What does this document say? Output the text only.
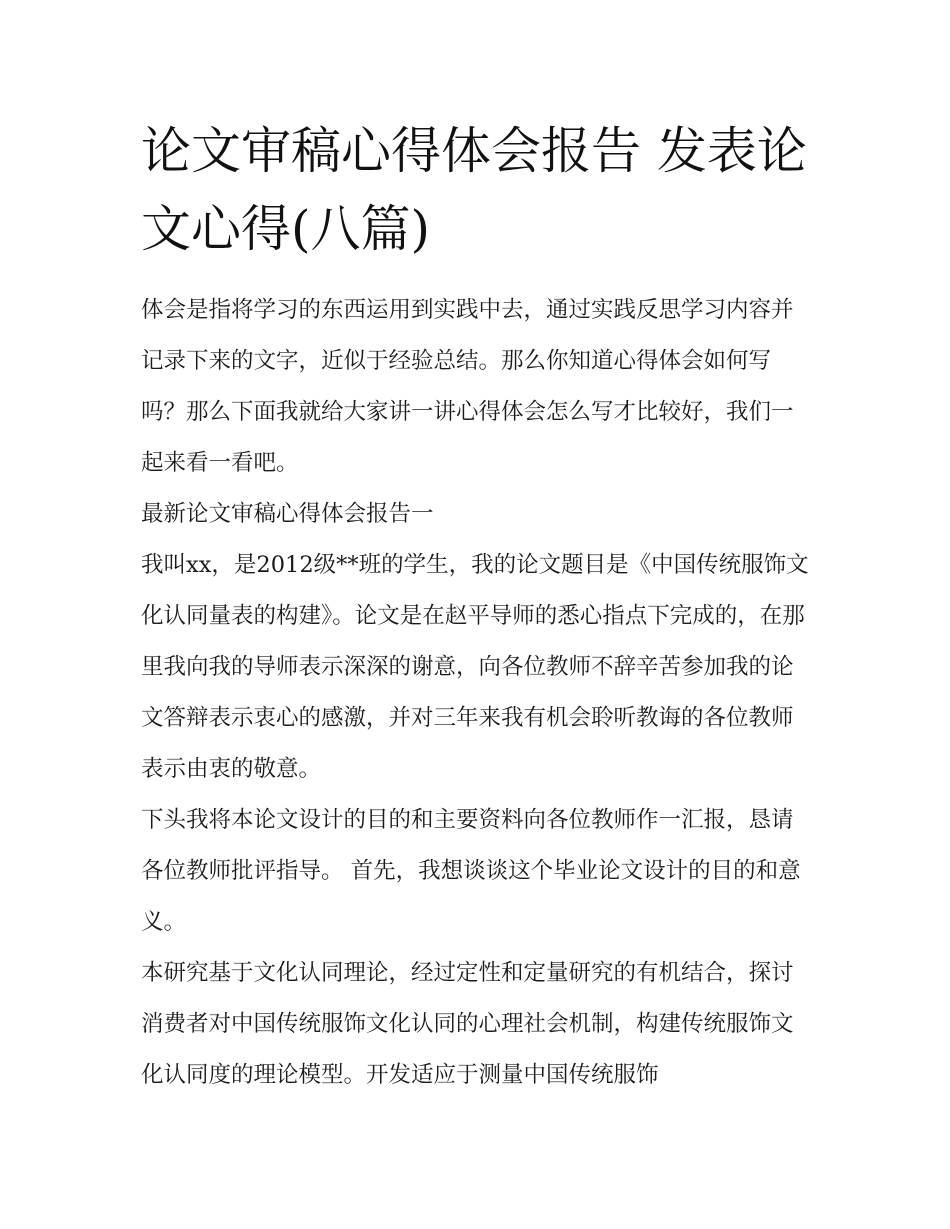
论文审稿心得体会报告 发表论文心得(八篇)

体会是指将学习的东西运用到实践中去，通过实践反思学习内容并记录下来的文字，近似于经验总结。那么你知道心得体会如何写吗？那么下面我就给大家讲一讲心得体会怎么写才比较好，我们一起来看一看吧。

最新论文审稿心得体会报告一

我叫xx，是2012级**班的学生，我的论文题目是《中国传统服饰文化认同量表的构建》。论文是在赵平导师的悉心指点下完成的，在那里我向我的导师表示深深的谢意，向各位教师不辞辛苦参加我的论文答辩表示衷心的感激，并对三年来我有机会聆听教诲的各位教师表示由衷的敬意。

下头我将本论文设计的目的和主要资料向各位教师作一汇报，恳请各位教师批评指导。 首先，我想谈谈这个毕业论文设计的目的和意义。

本研究基于文化认同理论，经过定性和定量研究的有机结合，探讨消费者对中国传统服饰文化认同的心理社会机制，构建传统服饰文化认同度的理论模型。开发适应于测量中国传统服饰
